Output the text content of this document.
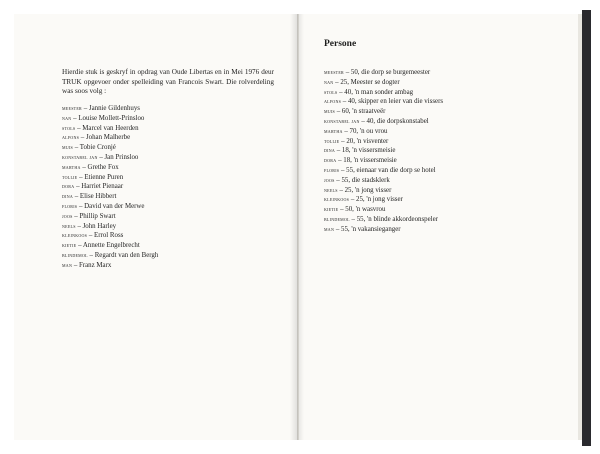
Hierdie stuk is geskryf in opdrag van Oude Libertas en in Mei 1976 deur TRUK opgevoer onder spelleiding van Francois Swart. Die rolverdeling was soos volg :

meester – Jannie Gildenhuys
nan – Louise Mollett-Prinsloo
stols – Marcel van Heerden
alfons – Johan Malherbe
muis – Tobie Cronjé
konstabel jan – Jan Prinsloo
martha – Grethe Fox
tollie – Etienne Puren
dora – Harriet Pienaar
dina – Elise Hibbert
floris – David van der Merwe
joos – Phillip Swart
neels – John Harley
kleinkoos – Errol Ross
kietie – Annette Engelbrecht
blindemol – Regardt van den Bergh
man – Franz Marx
Persone
meester – 50, die dorp se burgemeester
nan – 25, Meester se dogter
stols – 40, 'n man sonder ambag
alfons – 40, skipper en leier van die vissers
muis – 60, 'n straatveër
konstabel jan – 40, die dorpskonstabel
martha – 70, 'n ou vrou
tollie – 20, 'n visventer
dina – 18, 'n vissersmeisie
dora – 18, 'n vissersmeisie
floris – 55, eienaar van die dorp se hotel
joos – 55, die stadsklerk
neels – 25, 'n jong visser
kleinkoos – 25, 'n jong visser
kietie – 50, 'n wasvrou
blindemol – 55, 'n blinde akkordeonspeler
man – 55, 'n vakansieganger
